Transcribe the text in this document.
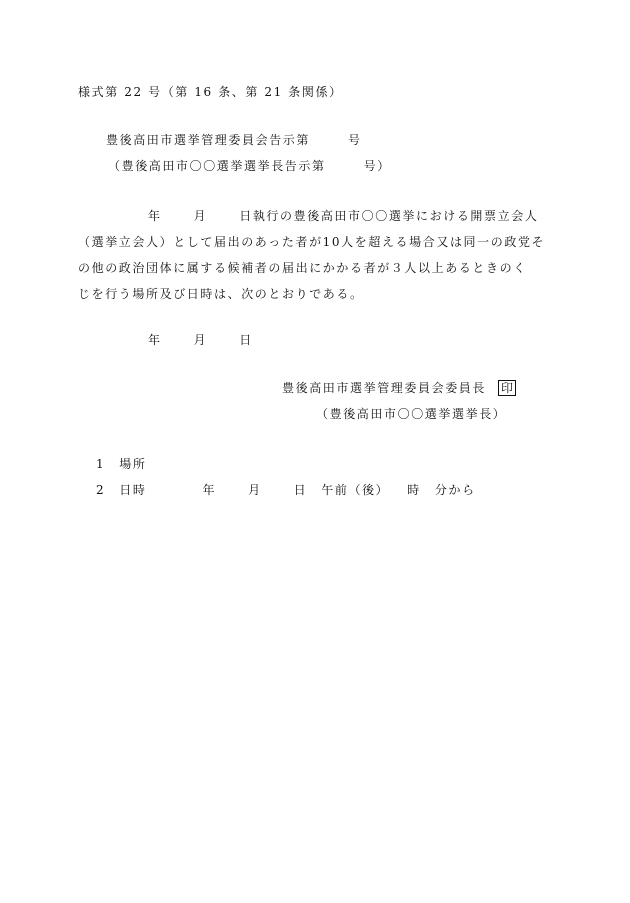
様式第 22 号（第 16 条、第 21 条関係）
豊後高田市選挙管理委員会告示第	号
（豊後高田市〇〇選挙選挙長告示第	号）
年	月	日執行の豊後高田市〇〇選挙における開票立会人
（選挙立会人）として届出のあった者が10人を超える場合又は同一の政党そ
の他の政治団体に属する候補者の届出にかかる者が３人以上あるときのく
じを行う場所及び日時は、次のとおりである。
年	月	日
豊後高田市選挙管理委員会委員長 印
（豊後高田市〇〇選挙選挙長）
1 場所
2 日時	年	月	日 午前（後） 時 分から
